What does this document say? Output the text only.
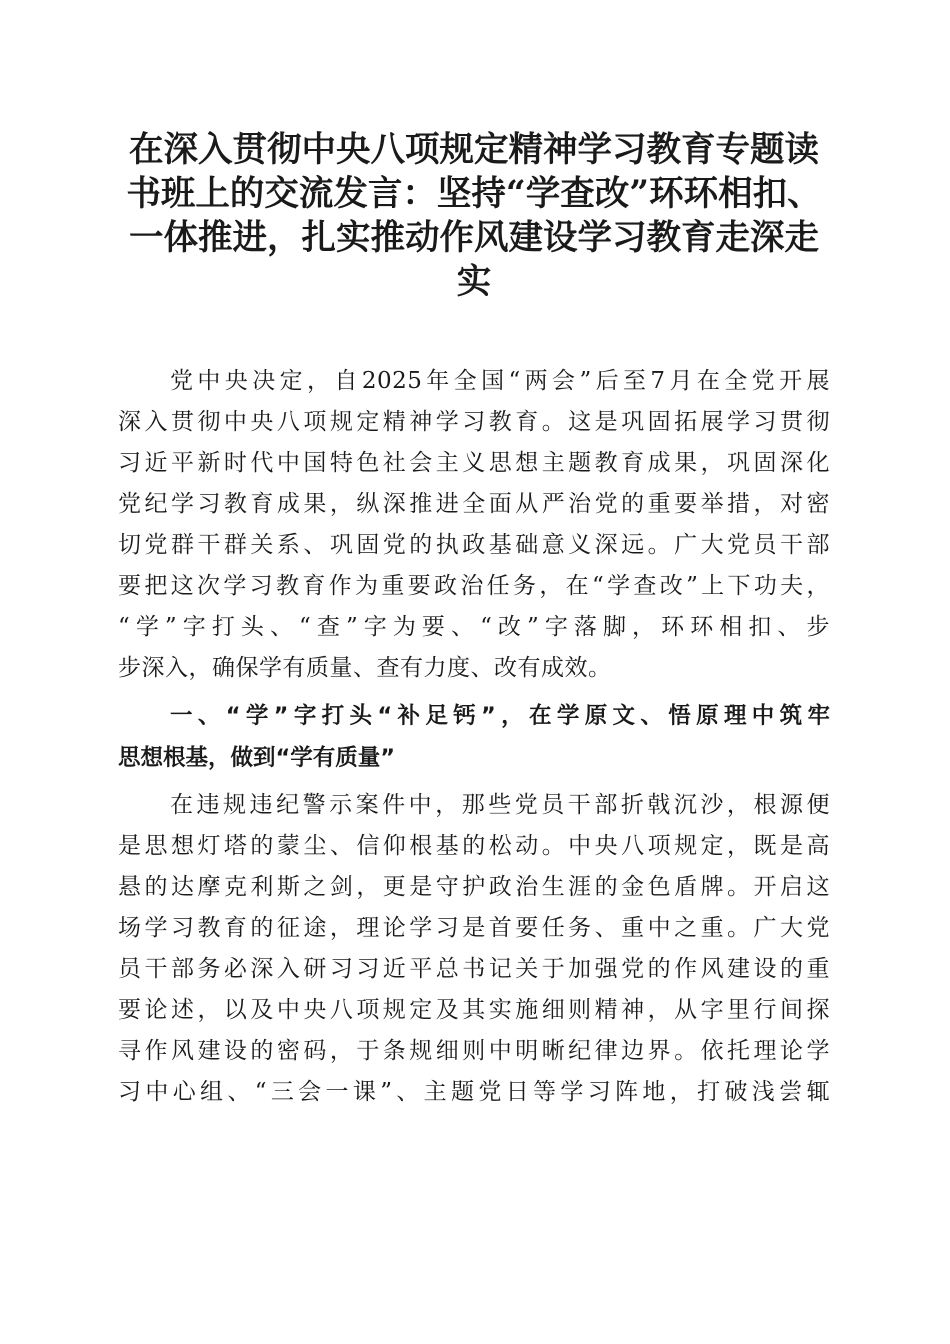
在深入贯彻中央八项规定精神学习教育专题读
书班上的交流发言：坚持“学查改”环环相扣、
一体推进，扎实推动作风建设学习教育走深走
实
党中央决定，自2025年全国“两会”后至7月在全党开展
深入贯彻中央八项规定精神学习教育。这是巩固拓展学习贯彻
习近平新时代中国特色社会主义思想主题教育成果，巩固深化
党纪学习教育成果，纵深推进全面从严治党的重要举措，对密
切党群干群关系、巩固党的执政基础意义深远。广大党员干部
要把这次学习教育作为重要政治任务，在“学查改”上下功夫，
“学”字打头、“查”字为要、“改”字落脚，环环相扣、步
步深入，确保学有质量、查有力度、改有成效。
一、“学”字打头“补足钙”，在学原文、悟原理中筑牢
思想根基，做到“学有质量”
在违规违纪警示案件中，那些党员干部折戟沉沙，根源便
是思想灯塔的蒙尘、信仰根基的松动。中央八项规定，既是高
悬的达摩克利斯之剑，更是守护政治生涯的金色盾牌。开启这
场学习教育的征途，理论学习是首要任务、重中之重。广大党
员干部务必深入研习习近平总书记关于加强党的作风建设的重
要论述，以及中央八项规定及其实施细则精神，从字里行间探
寻作风建设的密码，于条规细则中明晰纪律边界。依托理论学
习中心组、“三会一课”、主题党日等学习阵地，打破浅尝辄
